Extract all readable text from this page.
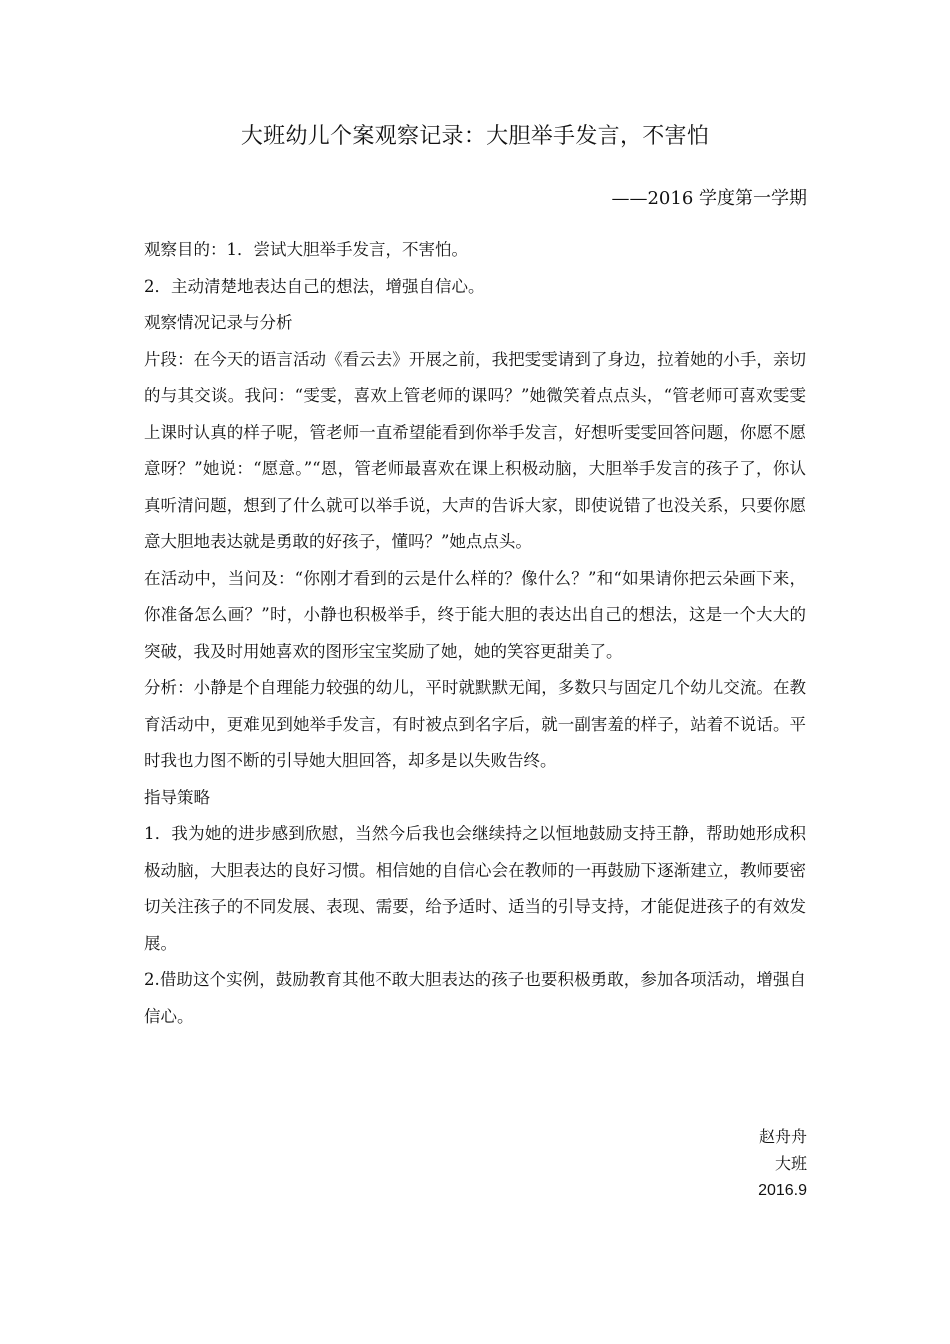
大班幼儿个案观察记录：大胆举手发言，不害怕
——2016 学度第一学期

观察目的：1．尝试大胆举手发言，不害怕。

2．主动清楚地表达自己的想法，增强自信心。

观察情况记录与分析

片段：在今天的语言活动《看云去》开展之前，我把雯雯请到了身边，拉着她的小手，亲切的与其交谈。我问：“雯雯，喜欢上管老师的课吗？”她微笑着点点头，“管老师可喜欢雯雯上课时认真的样子呢，管老师一直希望能看到你举手发言，好想听雯雯回答问题，你愿不愿意呀？”她说：“愿意。”“恩，管老师最喜欢在课上积极动脑，大胆举手发言的孩子了，你认真听清问题，想到了什么就可以举手说，大声的告诉大家，即使说错了也没关系，只要你愿意大胆地表达就是勇敢的好孩子，懂吗？”她点点头。

在活动中，当问及：“你刚才看到的云是什么样的？像什么？”和“如果请你把云朵画下来，你准备怎么画？”时，小静也积极举手，终于能大胆的表达出自己的想法，这是一个大大的突破，我及时用她喜欢的图形宝宝奖励了她，她的笑容更甜美了。

分析：小静是个自理能力较强的幼儿，平时就默默无闻，多数只与固定几个幼儿交流。在教育活动中，更难见到她举手发言，有时被点到名字后，就一副害羞的样子，站着不说话。平时我也力图不断的引导她大胆回答，却多是以失败告终。

指导策略

1．我为她的进步感到欣慰，当然今后我也会继续持之以恒地鼓励支持王静，帮助她形成积极动脑，大胆表达的良好习惯。相信她的自信心会在教师的一再鼓励下逐渐建立，教师要密切关注孩子的不同发展、表现、需要，给予适时、适当的引导支持，才能促进孩子的有效发展。

2.借助这个实例，鼓励教育其他不敢大胆表达的孩子也要积极勇敢，参加各项活动，增强自信心。

赵舟舟
大班
2016.9
